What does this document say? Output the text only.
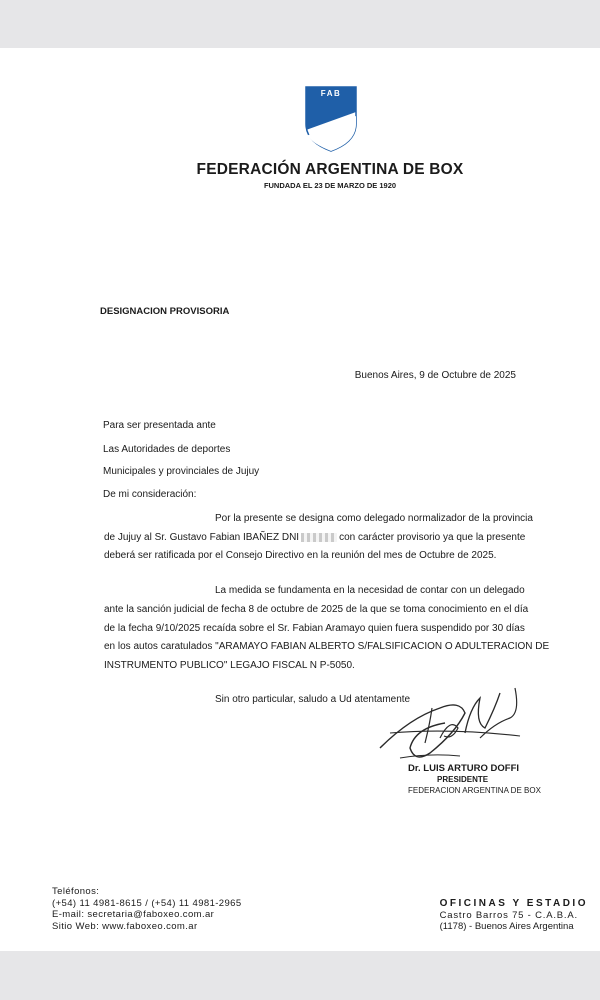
FAB
FEDERACIÓN ARGENTINA DE BOX
FUNDADA EL 23 DE MARZO DE 1920
DESIGNACION PROVISORIA
Buenos Aires, 9 de Octubre de 2025
Para ser presentada ante
Las Autoridades de deportes
Municipales y provinciales de Jujuy
De mi consideración:
Por la presente se designa como delegado normalizador de la provincia
de Jujuy al Sr. Gustavo Fabian IBAÑEZ DNI	con carácter provisorio ya que la presente
deberá ser ratificada por el Consejo Directivo en la reunión del mes de Octubre de 2025.
La medida se fundamenta en la necesidad de contar con un delegado
ante la sanción judicial de fecha 8 de octubre de 2025 de la que se toma conocimiento en el día
de la fecha 9/10/2025 recaída sobre el Sr. Fabian Aramayo quien fuera suspendido por 30 días
en los autos caratulados "ARAMAYO FABIAN ALBERTO S/FALSIFICACION O ADULTERACION DE
INSTRUMENTO PUBLICO" LEGAJO FISCAL N P-5050.
Sin otro particular, saludo a Ud atentamente
Dr. LUIS ARTURO DOFFI
PRESIDENTE
FEDERACION ARGENTINA DE BOX
Teléfonos:
(+54) 11 4981-8615 / (+54) 11 4981-2965
E-mail: secretaria@faboxeo.com.ar
Sitio Web: www.faboxeo.com.ar
OFICINAS Y ESTADIO
Castro Barros 75 - C.A.B.A.
(1178) - Buenos Aires Argentina
